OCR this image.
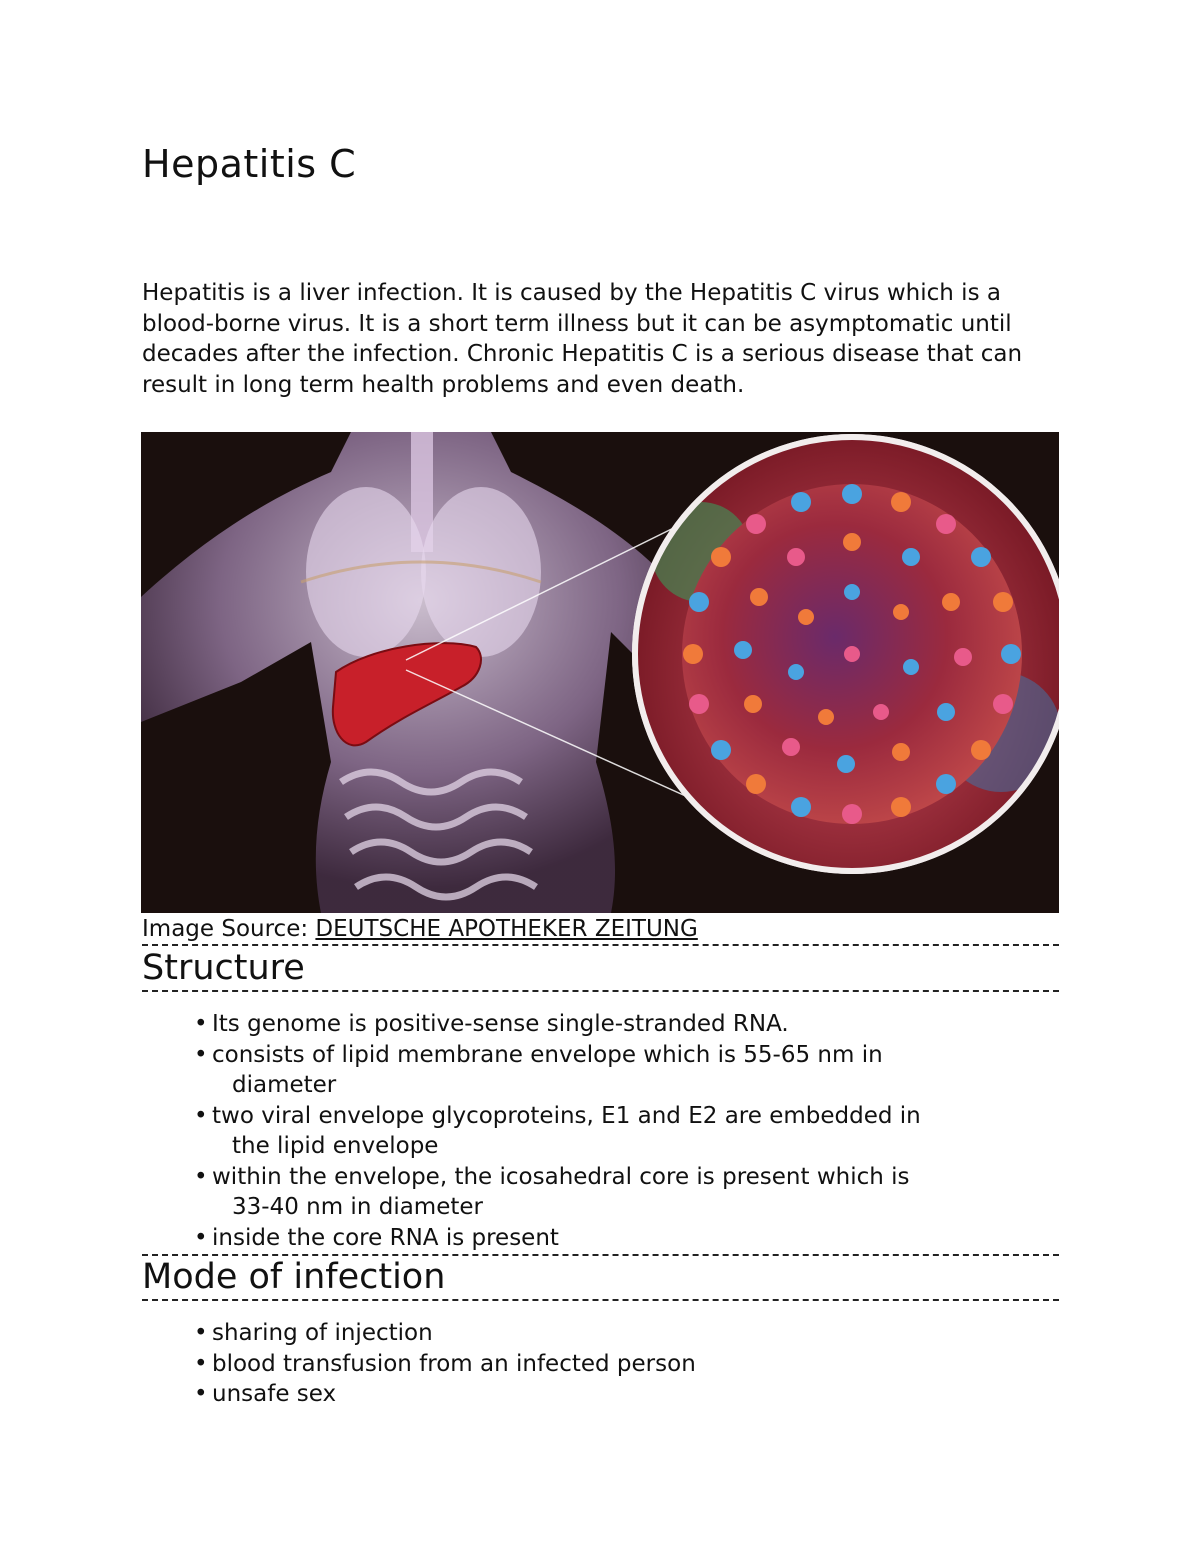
Hepatitis C

Hepatitis is a liver infection. It is caused by the Hepatitis C virus which is a blood-borne virus. It is a short term illness but it can be asymptomatic until decades after the infection. Chronic Hepatitis C is a serious disease that can result in long term health problems and even death.

Image Source: DEUTSCHE APOTHEKER ZEITUNG
Structure
• Its genome is positive-sense single-stranded RNA.
• consists of lipid membrane envelope which is 55-65 nm in
diameter
• two viral envelope glycoproteins, E1 and E2 are embedded in
the lipid envelope
• within the envelope, the icosahedral core is present which is
33-40 nm in diameter
• inside the core RNA is present
Mode of infection
• sharing of injection
• blood transfusion from an infected person
• unsafe sex
